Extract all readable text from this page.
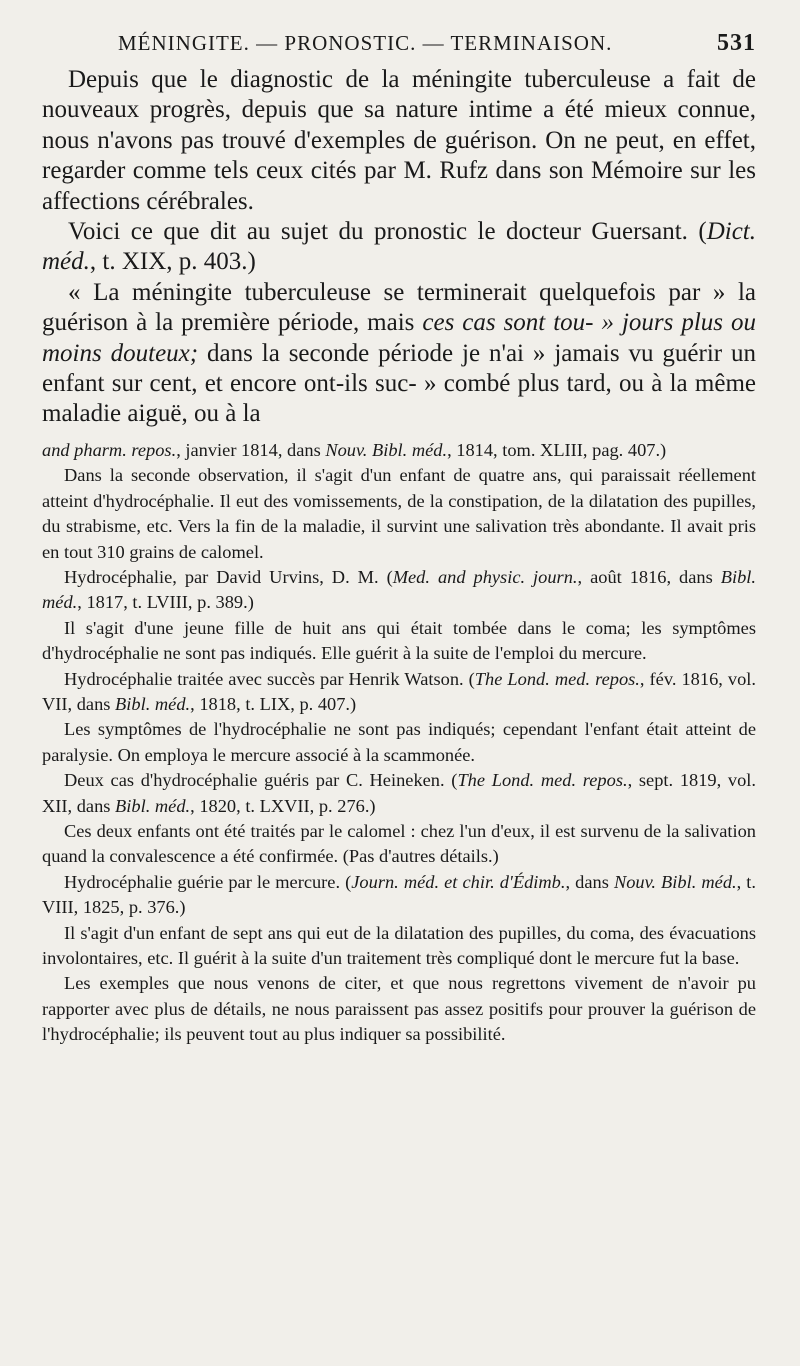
MÉNINGITE. — PRONOSTIC. — TERMINAISON.	531

Depuis que le diagnostic de la méningite tuberculeuse a fait de nouveaux progrès, depuis que sa nature intime a été mieux connue, nous n'avons pas trouvé d'exemples de guérison. On ne peut, en effet, regarder comme tels ceux cités par M. Rufz dans son Mémoire sur les affections cérébrales.

Voici ce que dit au sujet du pronostic le docteur Guersant. (Dict. méd., t. XIX, p. 403.)

« La méningite tuberculeuse se terminerait quelquefois par » la guérison à la première période, mais ces cas sont tou- » jours plus ou moins douteux; dans la seconde période je n'ai » jamais vu guérir un enfant sur cent, et encore ont-ils suc- » combé plus tard, ou à la même maladie aiguë, ou à la

and pharm. repos., janvier 1814, dans Nouv. Bibl. méd., 1814, tom. XLIII, pag. 407.)

Dans la seconde observation, il s'agit d'un enfant de quatre ans, qui paraissait réellement atteint d'hydrocéphalie. Il eut des vomissements, de la constipation, de la dilatation des pupilles, du strabisme, etc. Vers la fin de la maladie, il survint une salivation très abondante. Il avait pris en tout 310 grains de calomel.

Hydrocéphalie, par David Urvins, D. M. (Med. and physic. journ., août 1816, dans Bibl. méd., 1817, t. LVIII, p. 389.)

Il s'agit d'une jeune fille de huit ans qui était tombée dans le coma; les symptômes d'hydrocéphalie ne sont pas indiqués. Elle guérit à la suite de l'emploi du mercure.

Hydrocéphalie traitée avec succès par Henrik Watson. (The Lond. med. repos., fév. 1816, vol. VII, dans Bibl. méd., 1818, t. LIX, p. 407.)

Les symptômes de l'hydrocéphalie ne sont pas indiqués; cependant l'enfant était atteint de paralysie. On employa le mercure associé à la scammonée.

Deux cas d'hydrocéphalie guéris par C. Heineken. (The Lond. med. repos., sept. 1819, vol. XII, dans Bibl. méd., 1820, t. LXVII, p. 276.)

Ces deux enfants ont été traités par le calomel : chez l'un d'eux, il est survenu de la salivation quand la convalescence a été confirmée. (Pas d'autres détails.)

Hydrocéphalie guérie par le mercure. (Journ. méd. et chir. d'Édimb., dans Nouv. Bibl. méd., t. VIII, 1825, p. 376.)

Il s'agit d'un enfant de sept ans qui eut de la dilatation des pupilles, du coma, des évacuations involontaires, etc. Il guérit à la suite d'un traitement très compliqué dont le mercure fut la base.

Les exemples que nous venons de citer, et que nous regrettons vivement de n'avoir pu rapporter avec plus de détails, ne nous paraissent pas assez positifs pour prouver la guérison de l'hydrocéphalie; ils peuvent tout au plus indiquer sa possibilité.
